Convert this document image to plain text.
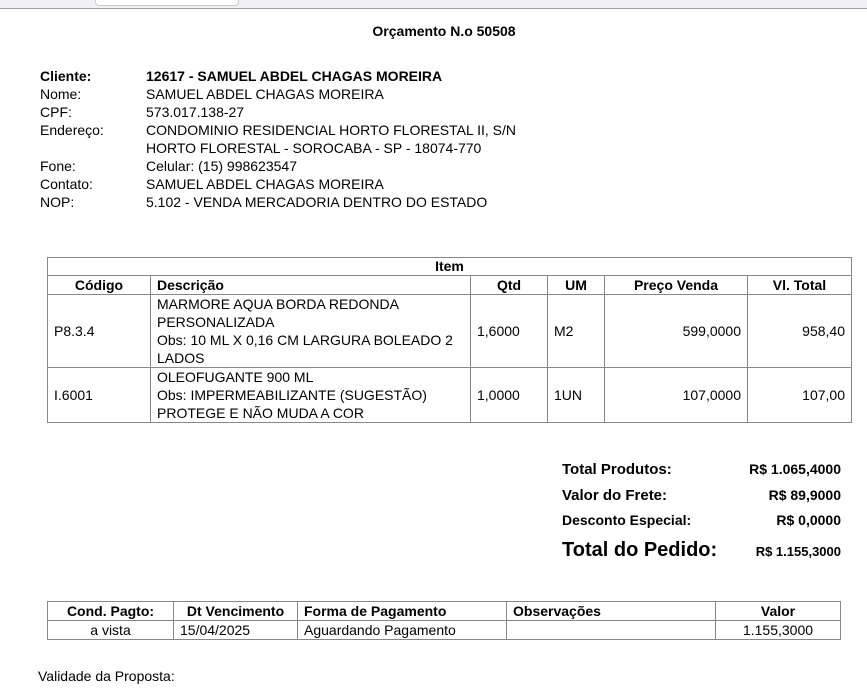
Orçamento N.o 50508
Cliente:	12617 - SAMUEL ABDEL CHAGAS MOREIRA
Nome:	SAMUEL ABDEL CHAGAS MOREIRA
CPF:	573.017.138-27
Endereço:	CONDOMINIO RESIDENCIAL HORTO FLORESTAL II, S/N
HORTO FLORESTAL - SOROCABA - SP - 18074-770
Fone:	Celular: (15) 998623547
Contato:	SAMUEL ABDEL CHAGAS MOREIRA
NOP:	5.102 - VENDA MERCADORIA DENTRO DO ESTADO
Item					
Código	Descrição	Qtd	UM	Preço Venda	Vl. Total
P8.3.4	MARMORE AQUA BORDA REDONDA PERSONALIZADA
Obs: 10 ML X 0,16 CM LARGURA BOLEADO 2 LADOS	1,6000	M2	599,0000	958,40
I.6001	OLEOFUGANTE 900 ML
Obs: IMPERMEABILIZANTE (SUGESTÃO) PROTEGE E NÃO MUDA A COR	1,0000	1UN	107,0000	107,00
Total Produtos:	R$ 1.065,4000
Valor do Frete:	R$ 89,9000
Desconto Especial:	R$ 0,0000
Total do Pedido:	R$ 1.155,3000
Cond. Pagto:	Dt Vencimento	Forma de Pagamento	Observações	Valor
a vista	15/04/2025	Aguardando Pagamento		1.155,3000
Validade da Proposta:
